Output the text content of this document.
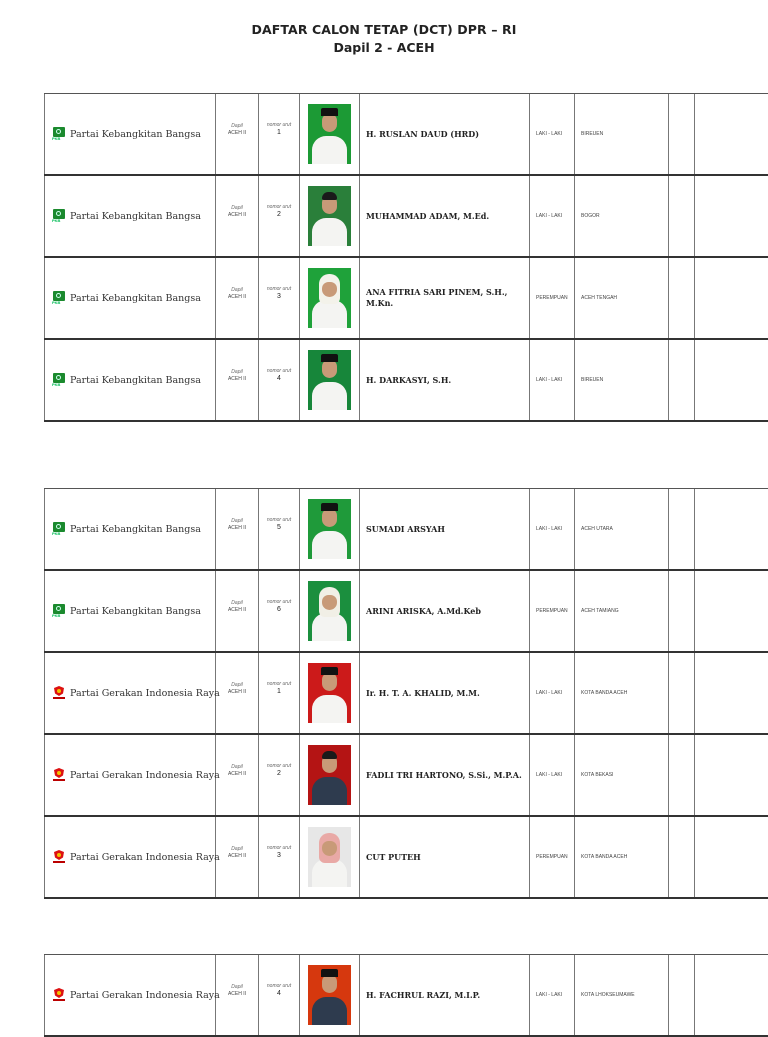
DAFTAR CALON TETAP (DCT) DPR – RI
Dapil 2 - ACEH
PKB Partai Kebangkitan Bangsa
Dapil
ACEH II
nomor urut
1	H. RUSLAN DAUD (HRD)	LAKI - LAKI	BIREUEN
PKB Partai Kebangkitan Bangsa
Dapil
ACEH II
nomor urut
2	MUHAMMAD ADAM, M.Ed.	LAKI - LAKI	BOGOR
PKB Partai Kebangkitan Bangsa
Dapil
ACEH II
nomor urut
3	ANA FITRIA SARI PINEM, S.H., M.Kn.	PEREMPUAN	ACEH TENGAH
PKB Partai Kebangkitan Bangsa
Dapil
ACEH II
nomor urut
4	H. DARKASYI, S.H.	LAKI - LAKI	BIREUEN
PKB Partai Kebangkitan Bangsa
Dapil
ACEH II
nomor urut
5	SUMADI ARSYAH	LAKI - LAKI	ACEH UTARA
PKB Partai Kebangkitan Bangsa
Dapil
ACEH II
nomor urut
6	ARINI ARISKA, A.Md.Keb	PEREMPUAN	ACEH TAMIANG
Partai Gerakan Indonesia Raya
Dapil
ACEH II
nomor urut
1	Ir. H. T. A. KHALID, M.M.	LAKI - LAKI	KOTA BANDA ACEH
Partai Gerakan Indonesia Raya
Dapil
ACEH II
nomor urut
2	FADLI TRI HARTONO, S.Si., M.P.A.	LAKI - LAKI	KOTA BEKASI
Partai Gerakan Indonesia Raya
Dapil
ACEH II
nomor urut
3	CUT PUTEH	PEREMPUAN	KOTA BANDA ACEH
Partai Gerakan Indonesia Raya
Dapil
ACEH II
nomor urut
4	H. FACHRUL RAZI, M.I.P.	LAKI - LAKI	KOTA LHOKSEUMAWE
